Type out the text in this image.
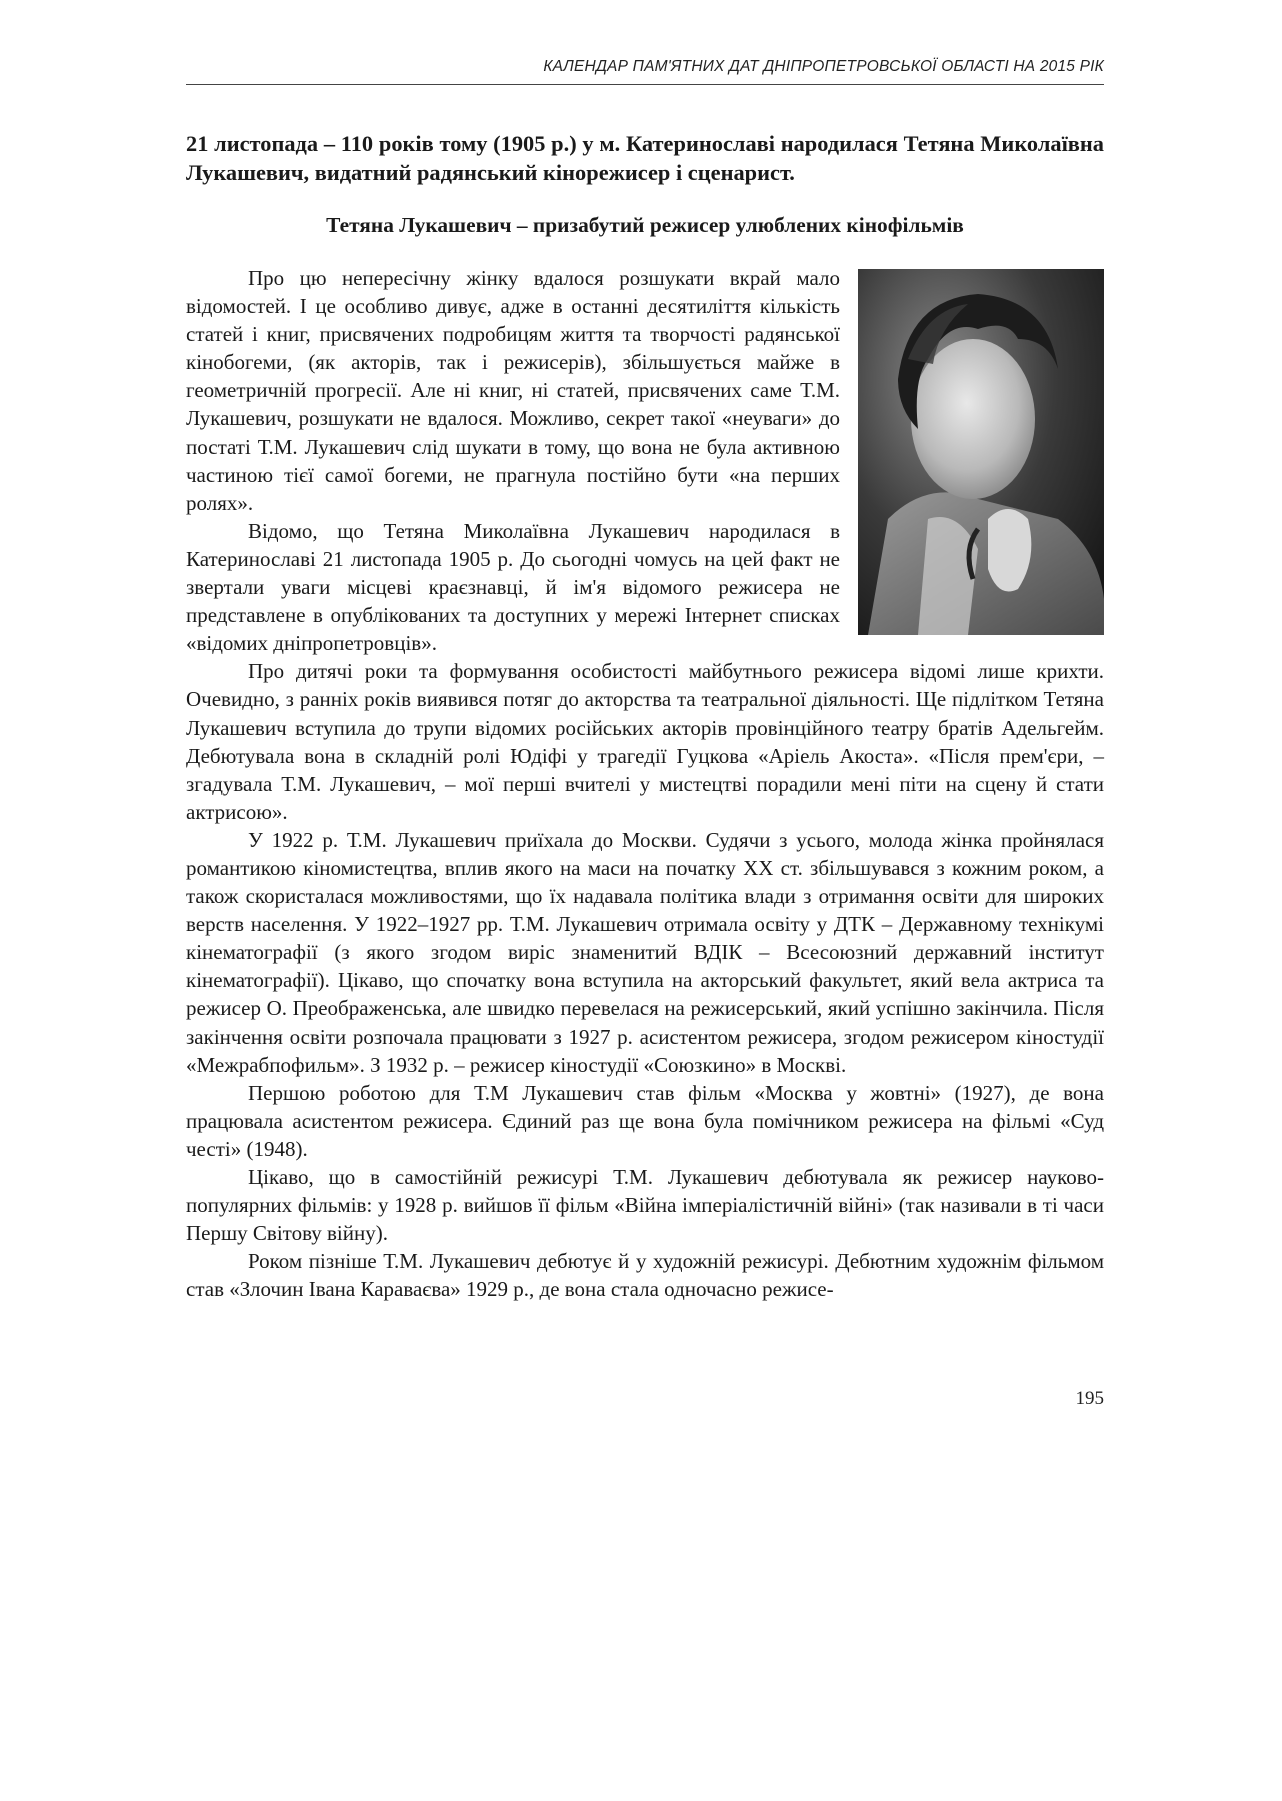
КАЛЕНДАР ПАМ'ЯТНИХ ДАТ ДНІПРОПЕТРОВСЬКОЇ ОБЛАСТІ НА 2015 РІК

21 листопада – 110 років тому (1905 р.) у м. Катеринославі народилася Тетяна Миколаївна Лукашевич, видатний радянський кінорежисер і сценарист.

Тетяна Лукашевич – призабутий режисер улюблених кінофільмів

Про цю непересічну жінку вдалося розшукати вкрай мало відомостей. І це особливо дивує, адже в останні десятиліття кількість статей і книг, присвячених подробицям життя та творчості радянської кінобогеми, (як акторів, так і режисерів), збільшується майже в геометричній прогресії. Але ні книг, ні статей, присвячених саме Т.М. Лукашевич, розшукати не вдалося. Можливо, секрет такої «неуваги» до постаті Т.М. Лукашевич слід шукати в тому, що вона не була активною частиною тієї самої богеми, не прагнула постійно бути «на перших ролях».

Відомо, що Тетяна Миколаївна Лукашевич народилася в Катеринославі 21 листопада 1905 р. До сьогодні чомусь на цей факт не звертали уваги місцеві краєзнавці, й ім'я відомого режисера не представлене в опублікованих та доступних у мережі Інтернет списках «відомих дніпропетровців».

Про дитячі роки та формування особистості майбутнього режисера відомі лише крихти. Очевидно, з ранніх років виявився потяг до акторства та театральної діяльності. Ще підлітком Тетяна Лукашевич вступила до трупи відомих російських акторів провінційного театру братів Адельгейм. Дебютувала вона в складній ролі Юдіфі у трагедії Гуцкова «Аріель Акоста». «Після прем'єри, – згадувала Т.М. Лукашевич, – мої перші вчителі у мистецтві порадили мені піти на сцену й стати актрисою».

У 1922 р. Т.М. Лукашевич приїхала до Москви. Судячи з усього, молода жінка пройнялася романтикою кіномистецтва, вплив якого на маси на початку ХХ ст. збільшувався з кожним роком, а також скористалася можливостями, що їх надавала політика влади з отримання освіти для широких верств населення. У 1922–1927 рр. Т.М. Лукашевич отримала освіту у ДТК – Державному технікумі кінематографії (з якого згодом виріс знаменитий ВДІК – Всесоюзний державний інститут кінематографії). Цікаво, що спочатку вона вступила на акторський факультет, який вела актриса та режисер О. Преображенська, але швидко перевелася на режисерський, який успішно закінчила. Після закінчення освіти розпочала працювати з 1927 р. асистентом режисера, згодом режисером кіностудії «Межрабпофильм». З 1932 р. – режисер кіностудії «Союзкино» в Москві.

Першою роботою для Т.М Лукашевич став фільм «Москва у жовтні» (1927), де вона працювала асистентом режисера. Єдиний раз ще вона була помічником режисера на фільмі «Суд честі» (1948).

Цікаво, що в самостійній режисурі Т.М. Лукашевич дебютувала як режисер науково-популярних фільмів: у 1928 р. вийшов її фільм «Війна імперіалістичній війні» (так називали в ті часи Першу Світову війну).

Роком пізніше Т.М. Лукашевич дебютує й у художній режисурі. Дебютним художнім фільмом став «Злочин Івана Караваєва» 1929 р., де вона стала одночасно режисе-

195
